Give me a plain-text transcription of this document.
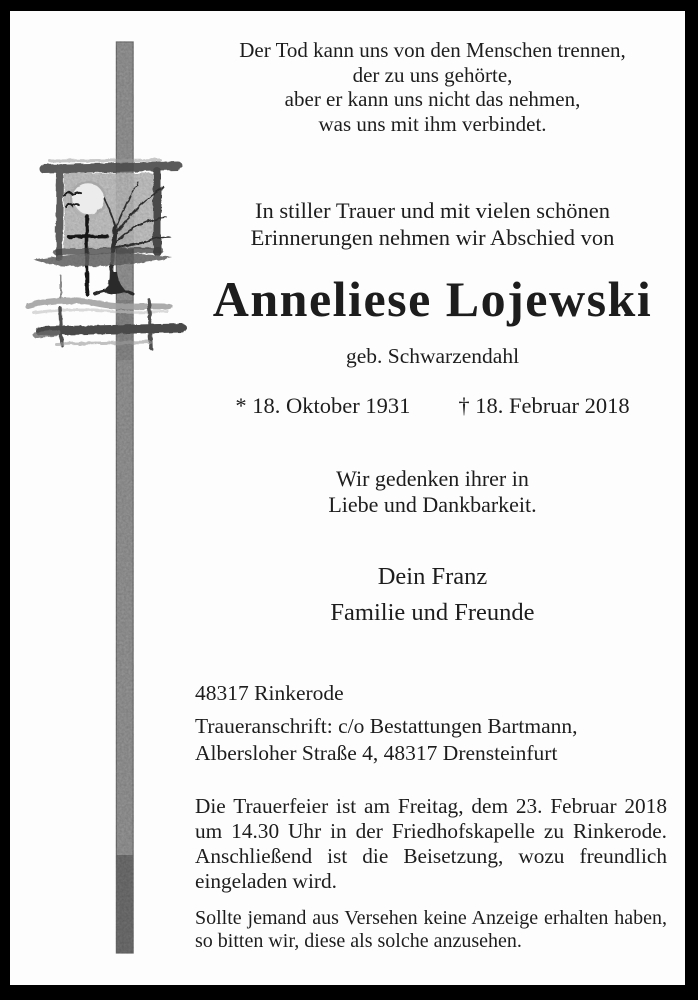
Der Tod kann uns von den Menschen trennen,
der zu uns gehörte,
aber er kann uns nicht das nehmen,
was uns mit ihm verbindet.
In stiller Trauer und mit vielen schönen
Erinnerungen nehmen wir Abschied von
Anneliese Lojewski
geb. Schwarzendahl
* 18. Oktober 1931 † 18. Februar 2018
Wir gedenken ihrer in
Liebe und Dankbarkeit.
Dein Franz
Familie und Freunde
48317 Rinkerode
Traueranschrift: c/o Bestattungen Bartmann,
Albersloher Straße 4, 48317 Drensteinfurt
Die Trauerfeier ist am Freitag, dem 23. Februar 2018 um 14.30 Uhr in der Friedhofskapelle zu Rinkerode. Anschließend ist die Beisetzung, wozu freundlich eingeladen wird.
Sollte jemand aus Versehen keine Anzeige erhalten haben, so bitten wir, diese als solche anzusehen.
